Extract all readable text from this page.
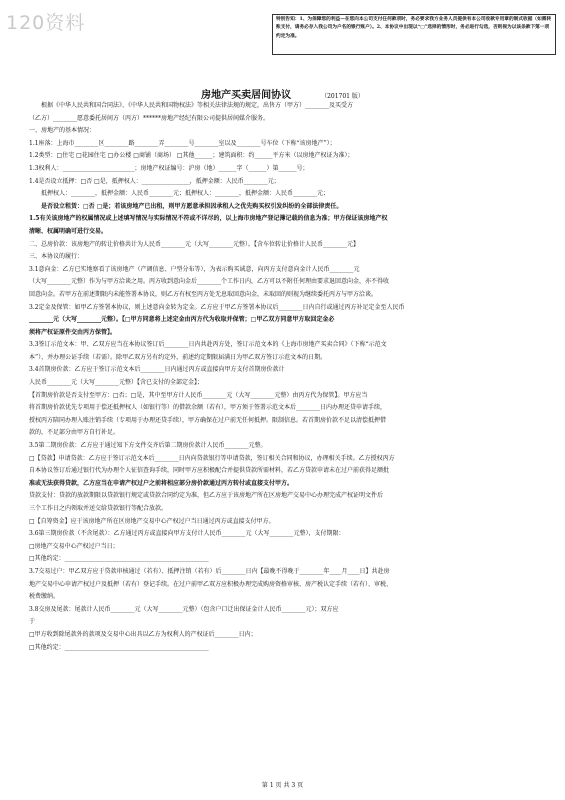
120资料	特别告知：1、为保障您的利益—在您向本公司支付任何款项时，务必要求我方业务人员提供有本公司收款专用章的制式收据（如需转账支付，请务必存入我公司为户名的银行账户）。2、本协议中出现以“□”选择的情形时，务必进行勾选，否则视为以该条款下第一项约定为准。
房地产买卖居间协议	（201701 版）

根据《中华人民共和国合同法》、《中华人民共和国物权法》等相关法律法规的规定，出售方（甲方）________及买受方

（乙方）________愿意委托居间方（丙方）******房地产经纪有限公司提供居间媒介服务。

一、房地产的基本情况：

1.1座落：上海市________区________路________弄________号________室以及________号车位（下称“该房地产”）；

1.2类型：□住宅 □花园住宅 □办公楼 □商铺（商场） □其他______；建筑面积：约______平方米（以房地产权证为准）；

1.3权利人：________________________；房地产权证编号：沪房（地）______字（______）第______号；

1.4是否设立抵押：□否 □是，抵押权人：________________，抵押金额：人民币________元；

抵押权人：________，抵押金额：人民币________元；抵押权人：________，抵押金额：人民币________元；

是否设立租赁：□否 □是；若该房地产已出租，则甲方愿意承担因承租人之优先购买权引发纠纷的全部法律责任。

1.5有关该房地产的权属情况或上述填写情况与实际情况不符或不详尽的，以上海市房地产登记簿记载的信息为准；甲方保证该房地产权

清晰、权属明确可进行交易。

二、总房价款：该房地产的转让价格共计为人民币________元（大写________元整）。【含车位转让价格计人民币________元】

三、本协议的履行：

3.1意向金：乙方已实地察看了该房地产（产调信息、户型分布等），为表示购买诚意，向丙方支付意向金计人民币________元

（大写________元整）作为与甲方洽谈之用。丙方收到意向金后________个工作日内，乙方可以不附任何理由要求退回意向金，亦不得收

回意向金。若甲方在前述期限内未能签署本协议，则乙方有权至丙方处无息取回意向金，未取回的则视为继续委托丙方与甲方洽谈。

3.2定金及保管：如甲乙方签署本协议，则上述意向金转为定金。乙方应于甲乙方签署本协议后________日内自行或通过丙方补足定金至人民币

________元（大写________元整）。【□甲方同意将上述定金由丙方代为收取并保管；□甲乙双方同意甲方取回定金必

须将产权证原件交由丙方保管】。

3.3签订示范文本：甲、乙双方应当在本协议签订后________日内共赴丙方处，签订示范文本的《上海市房地产买卖合同》（下称“示范文

本”），并办理公证手续（若需）。除甲乙双方另有约定外，前述约定期限届满日为甲乙双方签订示范文本的日期。

3.4首期房价款：乙方应于签订示范文本后________日内通过丙方或直接向甲方支付首期房价款计

人民币________元（大写________元整）【含已支付的全部定金】；

【首期房价款是否支付至甲方：□否；□是，其中至甲方计人民币________元（大写________元整）由丙方代为保管】。甲方应当

将首期房价款优先专项用于偿还抵押权人（如银行等）的借款余额（若有），甲方须于签署示范文本后________日内办理还贷申请手续，

授权丙方陪同办理入账注销手续（专项用于办理还贷手续），甲方确保在过户前无任何抵押。限制信息。若首期房价款不足以清偿抵押借

款的，不足部分由甲方自行补足。

3.5第二期房价款：乙方应于通过知下方文件交齐后第二期房价款计人民币________元整。

□【贷款】申请贷款：乙方应于签订示范文本后________日内向贷款银行等申请贷款，签订相关合同和协议，办理相关手续。乙方授权丙方

自本协议签订后通过银行代为办理个人征信查询手续，同时甲方应积极配合并提供贷款所需材料，若乙方贷款申请未在过户前获得足额批

准或无法获得贷款，乙方应当在申请产权过户之前将相应部分房价款通过丙方转付或直接支付甲方。

贷款支付：贷款的放款期限以贷款银行规定或贷款合同约定为准，但乙方应于该房地产所在区房地产交易中心办理完成产权证明文件后

三个工作日之内领取并送交给贷款银行等配合放款。

□【自筹资金】应于该房地产所在区房地产交易中心产权过户当日通过丙方或直接支付甲方。

3.6第三期房价款（不含尾款）：乙方通过丙方或直接向甲方支付计人民币________元（大写________元整），支付期限：

□房地产交易中心产权过户当日；

□其他约定：________________________________________________

3.7交易过户：甲乙双方应于贷款审核通过（若有）、抵押注销（若有）后________日内【最晚不得晚于________年____月____日】共赴房

地产交易中心申请产权过户及抵押（若有）登记手续。在过户前甲乙双方应积极办理完成购房资格审核、房产税认定手续（若有）、审税、

税费缴纳。

3.8交房及尾款：尾款计人民币________元（大写________元整）（包含户口迁出保证金计人民币________元）；双方应

于

□甲方收到除尾款外的款项及交易中心出具以乙方为权利人的产权证后________日内；

□其他约定：________________________________________________

第 1 页 共 3 页
